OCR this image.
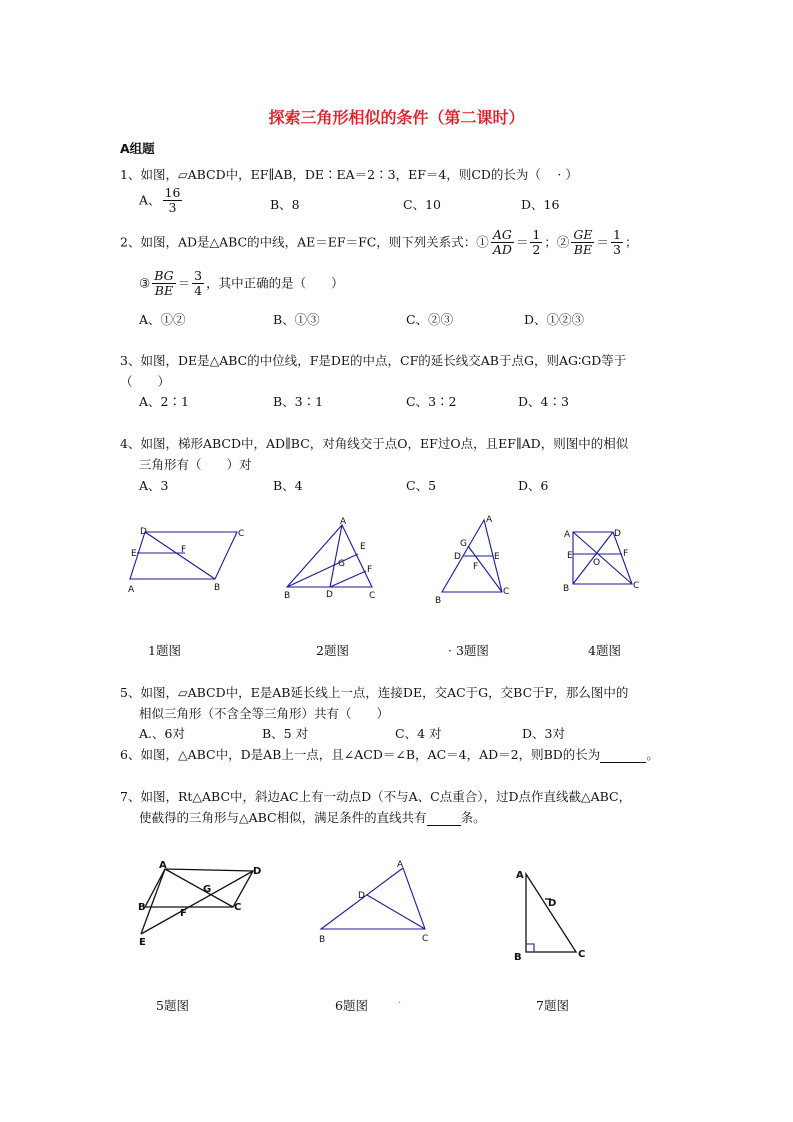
探索三角形相似的条件（第二课时）
A组题
1、如图，▱ABCD中，EF∥AB，DE∶EA＝2∶3，EF＝4，则CD的长为（　 · ）
A、 $\frac{16}{3}$	B、8	C、10	D、16
2、如图，AD是△ABC的中线，AE＝EF＝FC，则下列关系式：① $\frac{AG}{AD} = \frac{1}{2}$ ；② $\frac{GE}{BE} = \frac{1}{3}$ ；
③ $\frac{BG}{BE} = \frac{3}{4}$ ，其中正确的是（　　）
A、①②	B、①③	C、②③	D、①②③
3、如图，DE是△ABC的中位线，F是DE的中点，CF的延长线交AB于点G，则AG∶GD等于
（　　）
A、2∶1	B、3∶1	C、3∶2	D、4∶3
4、如图，梯形ABCD中，AD∥BC，对角线交于点O，EF过O点，且EF∥AD，则图中的相似
三角形有（　　）对
A、3	B、4	C、5	D、6
D	C
E	F
A	B
1题图
A
E
G
F
B	D	C
2题图
A
G
D	E
F
B
C
· 3题图
A	D
E	F
O
B	C
4题图
5、如图，▱ABCD中，E是AB延长线上一点，连接DE，交AC于G，交BC于F，那么图中的
相似三角形（不含全等三角形）共有（　　）
A.、6对	B、5 对	C、4 对	D、3对
6、如图，△ABC中，D是AB上一点，且∠ACD＝∠B，AC＝4，AD＝2，则BD的长为	。
7、如图，Rt△ABC中，斜边AC上有一动点D（不与A、C点重合），过D点作直线截△ABC，
使截得的三角形与△ABC相似，满足条件的直线共有	条。
A
D
G
B
F
C
E
5题图
A
D
B	C
6题图	·
A
D
B	C
7题图
